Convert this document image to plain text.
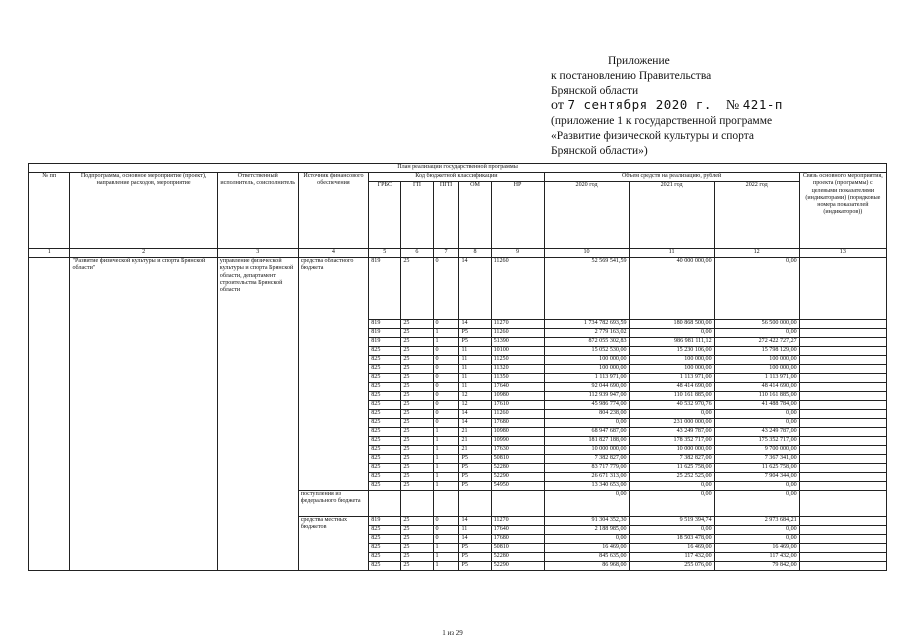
Приложение
к постановлению Правительства
Брянской области
от 7 сентября 2020 г. № 421-п
(приложение 1 к государственной программе
«Развитие физической культуры и спорта
Брянской области»)
План реализации государственной программы												
№ пп	Подпрограмма, основное мероприятие (проект), направление расходов, мероприятие	Ответственный исполнитель, соисполнитель	Источник финансового обеспечения	Код бюджетной классификации					Объем средств на реализацию, рублей			Связь основного мероприятия, проекта (программы) с целевыми показателями (индикаторами) (порядковые номера показателей (индикаторов))
				ГРБС	ГП	ПГП	ОМ	НР	2020 год	2021 год	2022 год	
1	2	3	4	5	6	7	8	9	10	11	12	13
	"Развитие физической культуры и спорта Брянской области"	управление физической культуры и спорта Брянской области, департамент строительства Брянской области	средства областного бюджета	819	25	0	14	11260	52 569 541,59	40 000 000,00	0,00	
				819	25	0	14	11270	1 734 782 693,59	180 868 500,00	56 500 000,00	
				819	25	1	P5	11260	2 779 163,02	0,00	0,00	
				819	25	1	P5	51390	872 055 302,83	986 981 111,12	272 422 727,27	
				825	25	0	11	10100	15 052 530,00	15 230 106,00	15 798 129,00	
				825	25	0	11	11250	100 000,00	100 000,00	100 000,00	
				825	25	0	11	11320	100 000,00	100 000,00	100 000,00	
				825	25	0	11	11350	1 113 971,00	1 113 971,00	1 113 971,00	
				825	25	0	11	17640	92 044 690,00	48 414 690,00	48 414 690,00	
				825	25	0	12	10980	112 939 947,00	110 161 885,00	110 161 885,00	
				825	25	0	12	17610	45 986 774,00	40 532 970,76	41 488 784,00	
				825	25	0	14	11260	804 238,00	0,00	0,00	
				825	25	0	14	17680	0,00	231 000 000,00	0,00	
				825	25	1	21	10980	68 947 687,00	43 249 787,00	43 249 787,00	
				825	25	1	21	10990	181 827 188,00	178 352 717,00	175 352 717,00	
				825	25	1	21	17630	10 000 000,00	10 000 000,00	9 700 000,00	
				825	25	1	P5	50810	7 382 827,00	7 382 827,00	7 367 341,00	
				825	25	1	P5	52280	83 717 779,00	11 625 758,00	11 625 758,00	
				825	25	1	P5	52290	26 671 313,00	25 252 525,00	7 904 344,00	
				825	25	1	P5	54950	13 340 653,00	0,00	0,00	
			поступления из федерального бюджета						0,00	0,00	0,00	
			средства местных бюджетов	819	25	0	14	11270	91 304 352,30	9 519 394,74	2 973 684,21	
				825	25	0	11	17640	2 188 985,00	0,00	0,00	
				825	25	0	14	17680	0,00	18 503 478,00	0,00	
				825	25	1	P5	50810	16 469,00	16 469,00	16 469,00	
				825	25	1	P5	52280	845 635,00	117 432,00	117 432,00	
				825	25	1	P5	52290	86 968,00	255 076,00	79 842,00	
1 из 29
